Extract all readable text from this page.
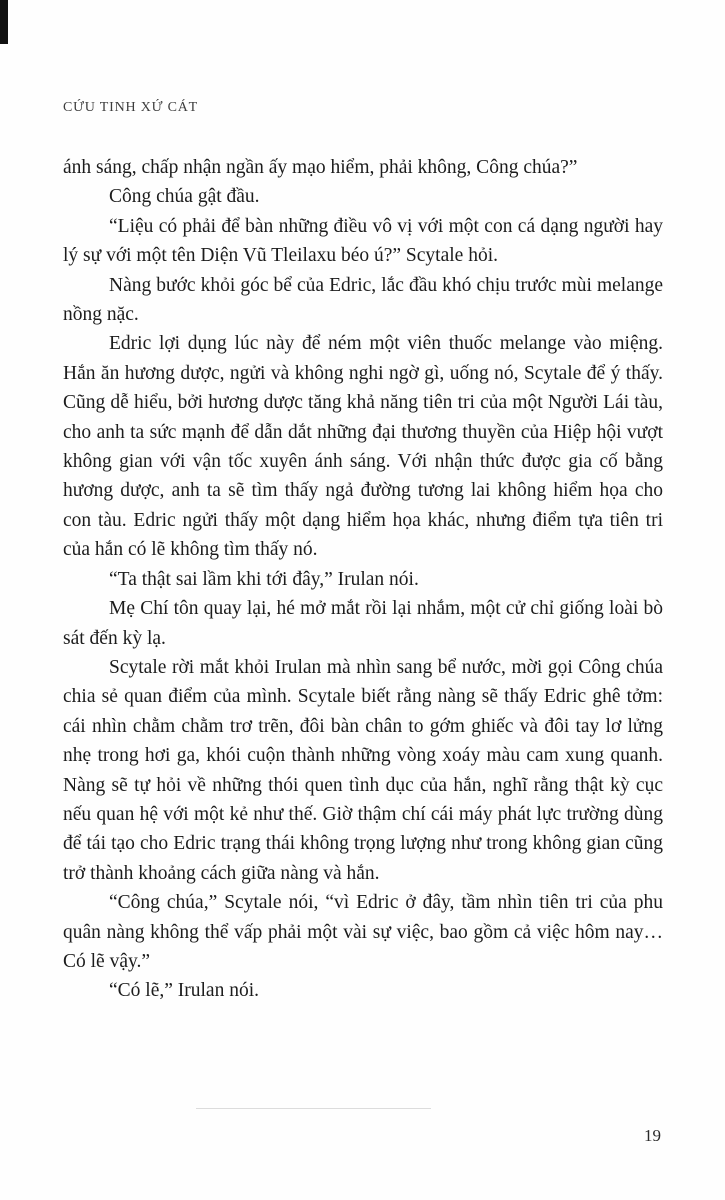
CỨU TINH XỨ CÁT

ánh sáng, chấp nhận ngần ấy mạo hiểm, phải không, Công chúa?”

Công chúa gật đầu.

“Liệu có phải để bàn những điều vô vị với một con cá dạng người hay lý sự với một tên Diện Vũ Tleilaxu béo ú?” Scytale hỏi.

Nàng bước khỏi góc bể của Edric, lắc đầu khó chịu trước mùi melange nồng nặc.

Edric lợi dụng lúc này để ném một viên thuốc melange vào miệng. Hắn ăn hương dược, ngửi và không nghi ngờ gì, uống nó, Scytale để ý thấy. Cũng dễ hiểu, bởi hương dược tăng khả năng tiên tri của một Người Lái tàu, cho anh ta sức mạnh để dẫn dắt những đại thương thuyền của Hiệp hội vượt không gian với vận tốc xuyên ánh sáng. Với nhận thức được gia cố bằng hương dược, anh ta sẽ tìm thấy ngả đường tương lai không hiểm họa cho con tàu. Edric ngửi thấy một dạng hiểm họa khác, nhưng điểm tựa tiên tri của hắn có lẽ không tìm thấy nó.

“Ta thật sai lầm khi tới đây,” Irulan nói.

Mẹ Chí tôn quay lại, hé mở mắt rồi lại nhắm, một cử chỉ giống loài bò sát đến kỳ lạ.

Scytale rời mắt khỏi Irulan mà nhìn sang bể nước, mời gọi Công chúa chia sẻ quan điểm của mình. Scytale biết rằng nàng sẽ thấy Edric ghê tởm: cái nhìn chằm chằm trơ trẽn, đôi bàn chân to gớm ghiếc và đôi tay lơ lửng nhẹ trong hơi ga, khói cuộn thành những vòng xoáy màu cam xung quanh. Nàng sẽ tự hỏi về những thói quen tình dục của hắn, nghĩ rằng thật kỳ cục nếu quan hệ với một kẻ như thế. Giờ thậm chí cái máy phát lực trường dùng để tái tạo cho Edric trạng thái không trọng lượng như trong không gian cũng trở thành khoảng cách giữa nàng và hắn.

“Công chúa,” Scytale nói, “vì Edric ở đây, tầm nhìn tiên tri của phu quân nàng không thể vấp phải một vài sự việc, bao gồm cả việc hôm nay… Có lẽ vậy.”

“Có lẽ,” Irulan nói.

19
